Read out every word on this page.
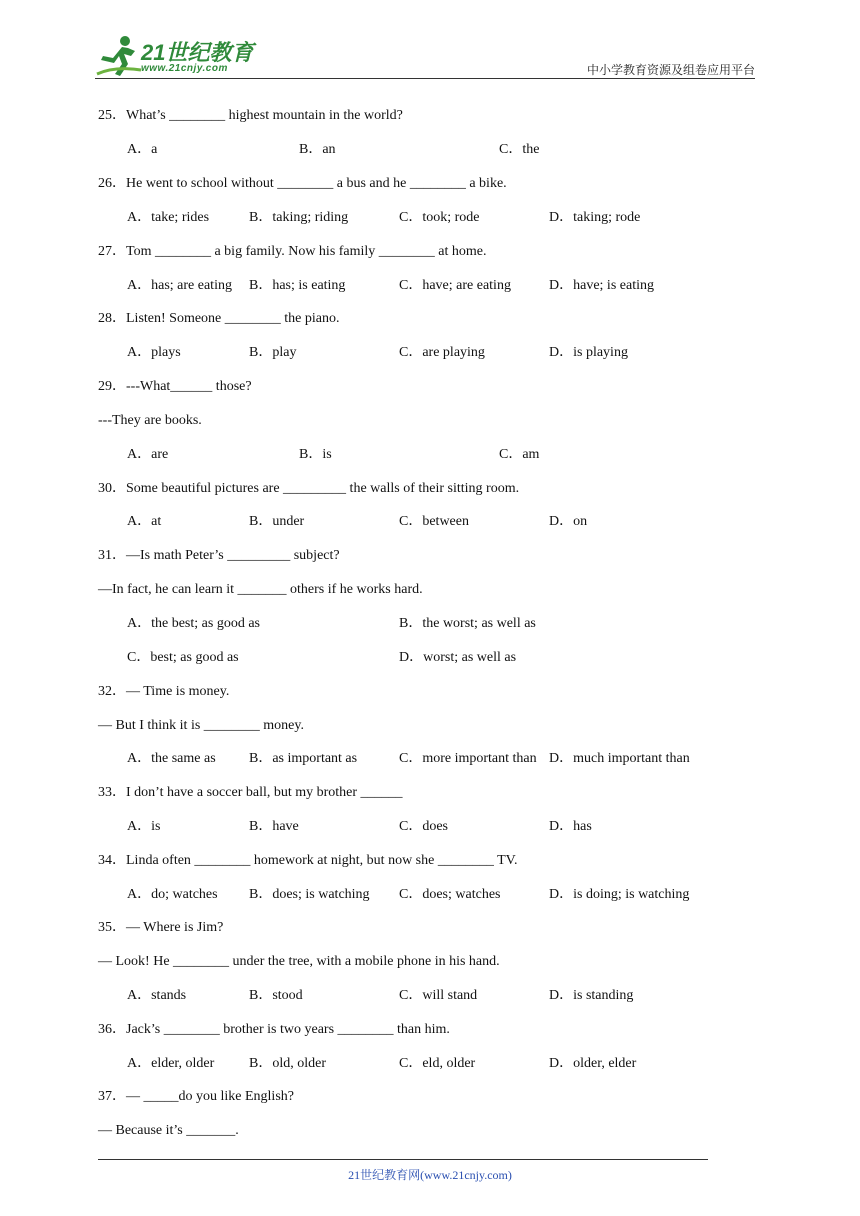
21世纪教育
www.21cnjy.com	中小学教育资源及组卷应用平台
25．What’s ________ highest mountain in the world?
A．a	B．an	C．the
26．He went to school without ________ a bus and he ________ a bike.
A．take; rides	B．taking; riding	C．took; rode	D．taking; rode
27．Tom ________ a big family. Now his family ________ at home.
A．has; are eating B．has; is eating	C．have; are eating	D．have; is eating
28．Listen! Someone ________ the piano.
A．plays	B．play	C．are playing	D．is playing
29．---What______ those?
---They are books.
A．are	B．is	C．am
30．Some beautiful pictures are _________ the walls of their sitting room.
A．at	B．under	C．between	D．on
31．—Is math Peter’s _________ subject?
—In fact, he can learn it _______ others if he works hard.
A．the best; as good as	B．the worst; as well as
C．best; as good as	D．worst; as well as
32．— Time is money.
— But I think it is ________ money.
A．the same as B．as important as	C．more important than D．much important than
33．I don’t have a soccer ball, but my brother ______
A．is	B．have	C．does	D．has
34．Linda often ________ homework at night, but now she ________ TV.
A．do; watches B．does; is watching C．does; watches	D．is doing; is watching
35．— Where is Jim?
— Look! He ________ under the tree, with a mobile phone in his hand.
A．stands	B．stood	C．will stand	D．is standing
36．Jack’s ________ brother is two years ________ than him.
A．elder, older B．old, older	C．eld, older	D．older, elder
37．— _____do you like English?
— Because it’s _______.
21世纪教育网(www.21cnjy.com)
